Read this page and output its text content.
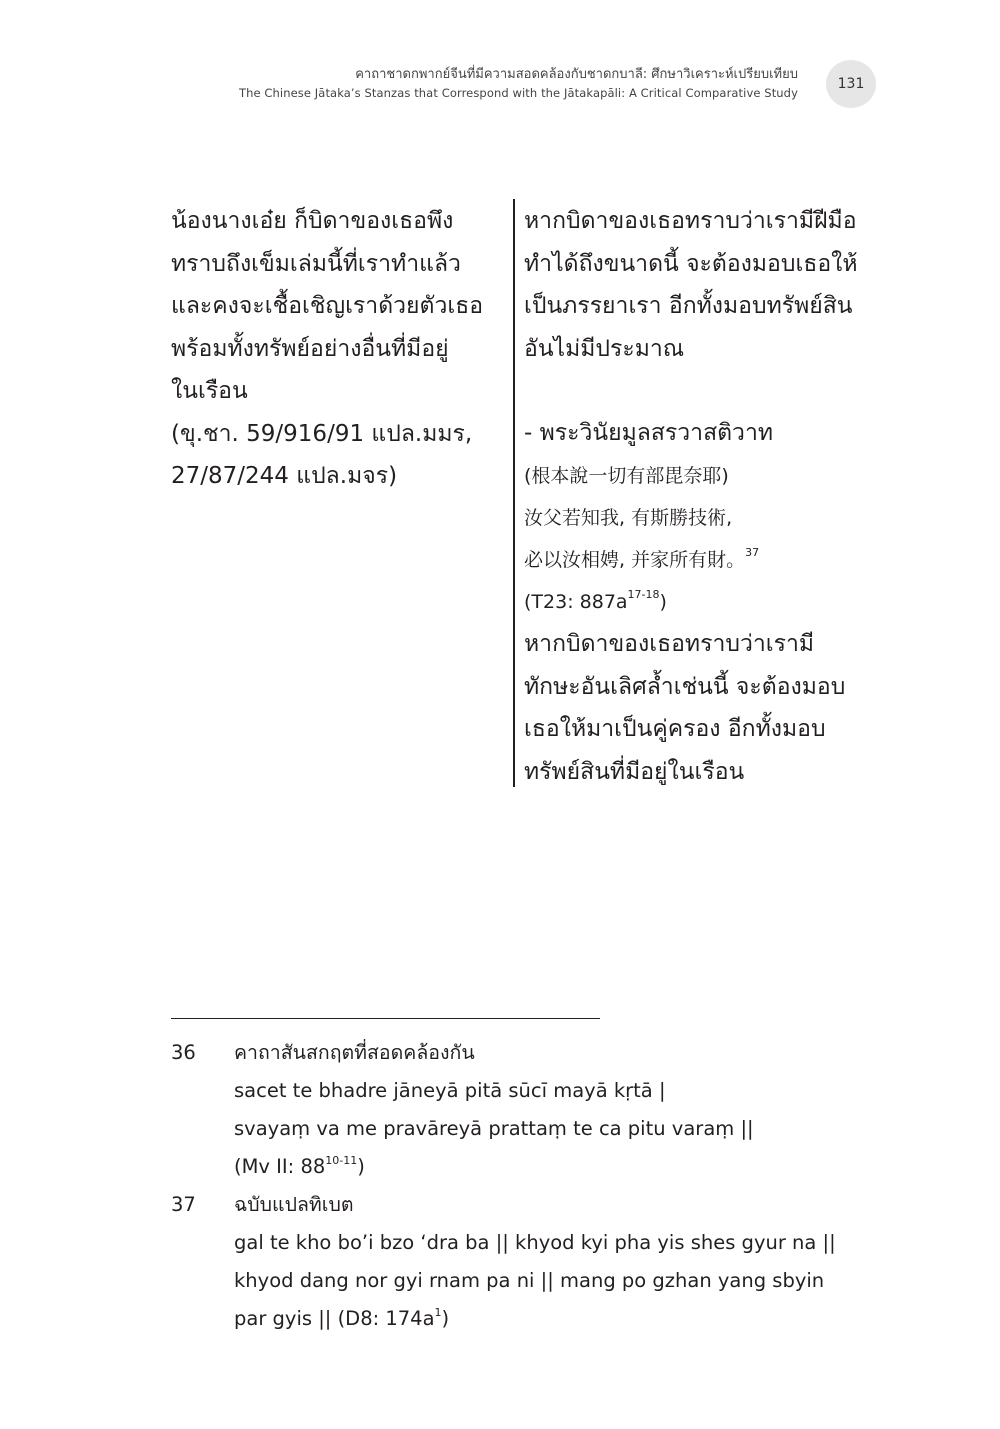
คาถาชาดกพากย์จีนที่มีความสอดคล้องกับชาดกบาลี: ศึกษาวิเคราะห์เปรียบเทียบ
The Chinese Jātaka’s Stanzas that Correspond with the Jātakapāli: A Critical Comparative Study
131
น้องนางเอ๋ย ก็บิดาของเธอพึง
ทราบถึงเข็มเล่มนี้ที่เราทำแล้ว
และคงจะเชื้อเชิญเราด้วยตัวเธอ
พร้อมทั้งทรัพย์อย่างอื่นที่มีอยู่
ในเรือน
(ขุ.ชา. 59/916/91 แปล.มมร,
27/87/244 แปล.มจร)
หากบิดาของเธอทราบว่าเรามีฝีมือ
ทำได้ถึงขนาดนี้ จะต้องมอบเธอให้
เป็นภรรยาเรา อีกทั้งมอบทรัพย์สิน
อันไม่มีประมาณ
- พระวินัยมูลสรวาสติวาท
(根本說一切有部毘奈耶)
汝父若知我, 有斯勝技術,
必以汝相娉, 并家所有財。$^{37}$
(T23: $887a^{17-18}$)
หากบิดาของเธอทราบว่าเรามี
ทักษะอันเลิศล้ำเช่นนี้ จะต้องมอบ
เธอให้มาเป็นคู่ครอง อีกทั้งมอบ
ทรัพย์สินที่มีอยู่ในเรือน
36 คาถาสันสกฤตที่สอดคล้องกัน
sacet te bhadre jāneyā pitā sūcī mayā kṛtā |
svayaṃ va me pravāreyā prattaṃ te ca pitu varaṃ ||
(Mv II: 88$^{10-11}$)
37 ฉบับแปลทิเบต
gal te kho bo’i bzo ‘dra ba || khyod kyi pha yis shes gyur na ||
khyod dang nor gyi rnam pa ni || mang po gzhan yang sbyin
par gyis || (D8: $174a^1$)
